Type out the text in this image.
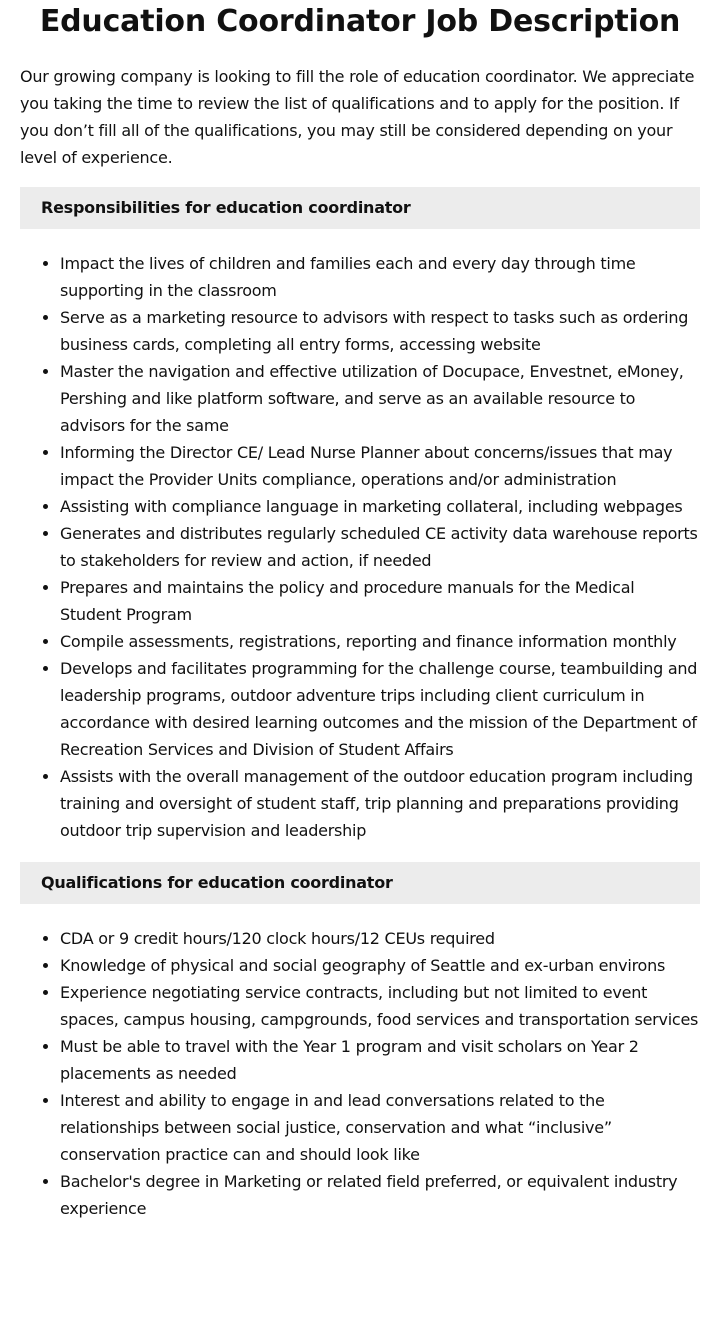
Education Coordinator Job Description

Our growing company is looking to fill the role of education coordinator. We appreciate you taking the time to review the list of qualifications and to apply for the position. If you don’t fill all of the qualifications, you may still be considered depending on your level of experience.

Responsibilities for education coordinator
• Impact the lives of children and families each and every day through time supporting in the classroom
• Serve as a marketing resource to advisors with respect to tasks such as ordering business cards, completing all entry forms, accessing website
• Master the navigation and effective utilization of Docupace, Envestnet, eMoney, Pershing and like platform software, and serve as an available resource to advisors for the same
• Informing the Director CE/ Lead Nurse Planner about concerns/issues that may impact the Provider Units compliance, operations and/or administration
• Assisting with compliance language in marketing collateral, including webpages
• Generates and distributes regularly scheduled CE activity data warehouse reports to stakeholders for review and action, if needed
• Prepares and maintains the policy and procedure manuals for the Medical Student Program
• Compile assessments, registrations, reporting and finance information monthly
• Develops and facilitates programming for the challenge course, teambuilding and leadership programs, outdoor adventure trips including client curriculum in accordance with desired learning outcomes and the mission of the Department of Recreation Services and Division of Student Affairs
• Assists with the overall management of the outdoor education program including training and oversight of student staff, trip planning and preparations providing outdoor trip supervision and leadership
Qualifications for education coordinator
• CDA or 9 credit hours/120 clock hours/12 CEUs required
• Knowledge of physical and social geography of Seattle and ex-urban environs
• Experience negotiating service contracts, including but not limited to event spaces, campus housing, campgrounds, food services and transportation services
• Must be able to travel with the Year 1 program and visit scholars on Year 2 placements as needed
• Interest and ability to engage in and lead conversations related to the relationships between social justice, conservation and what “inclusive” conservation practice can and should look like
• Bachelor's degree in Marketing or related field preferred, or equivalent industry experience
